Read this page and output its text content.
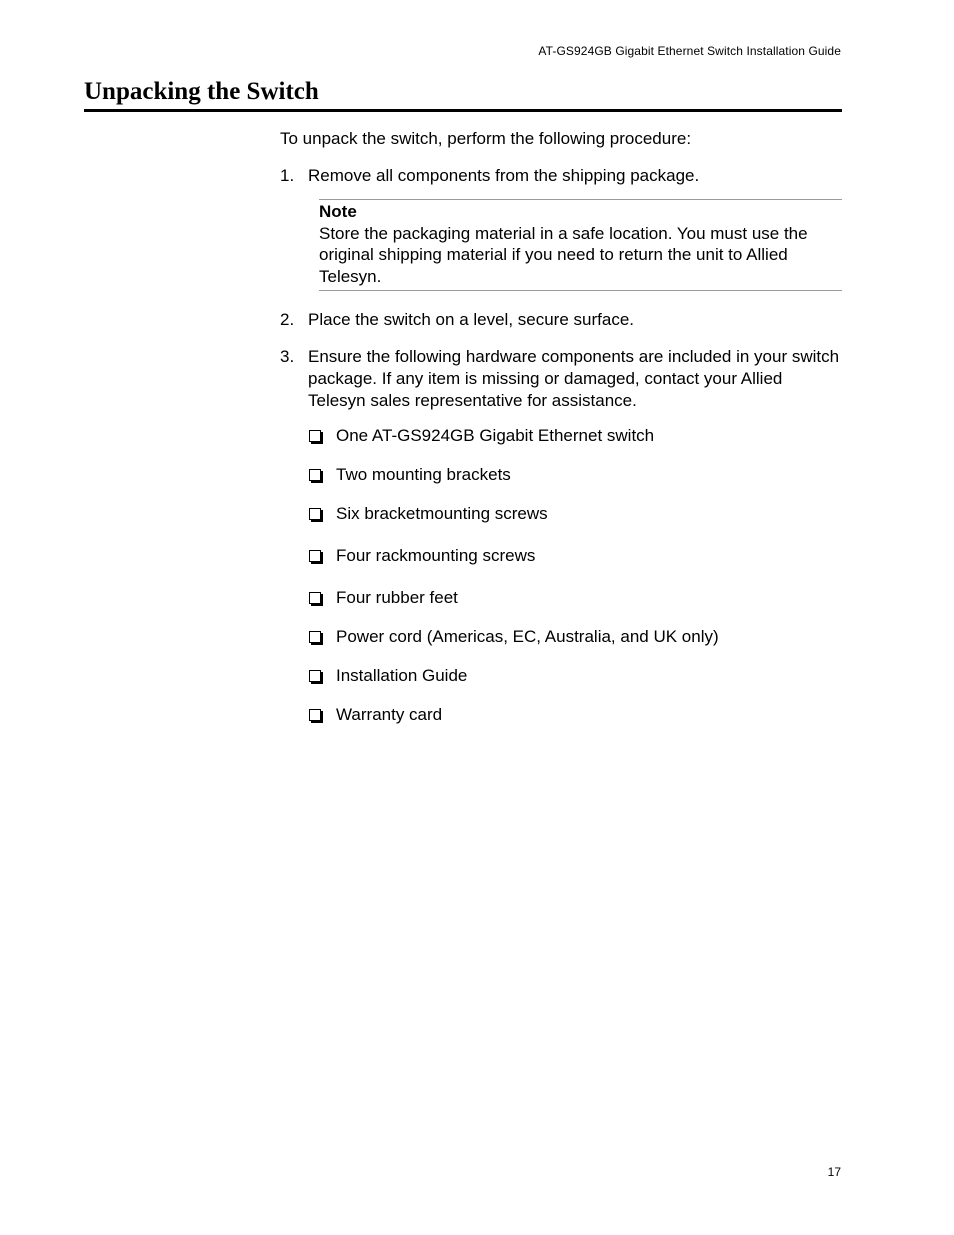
AT-GS924GB Gigabit Ethernet Switch Installation Guide
Unpacking the Switch

To unpack the switch, perform the following procedure:

1. Remove all components from the shipping package.
Note
Store the packaging material in a safe location. You must use the original shipping material if you need to return the unit to Allied Telesyn.
2. Place the switch on a level, secure surface.
3. Ensure the following hardware components are included in your switch package. If any item is missing or damaged, contact your Allied Telesyn sales representative for assistance.
One AT-GS924GB Gigabit Ethernet switch
Two mounting brackets
Six bracketmounting screws
Four rackmounting screws
Four rubber feet
Power cord (Americas, EC, Australia, and UK only)
Installation Guide
Warranty card
17
